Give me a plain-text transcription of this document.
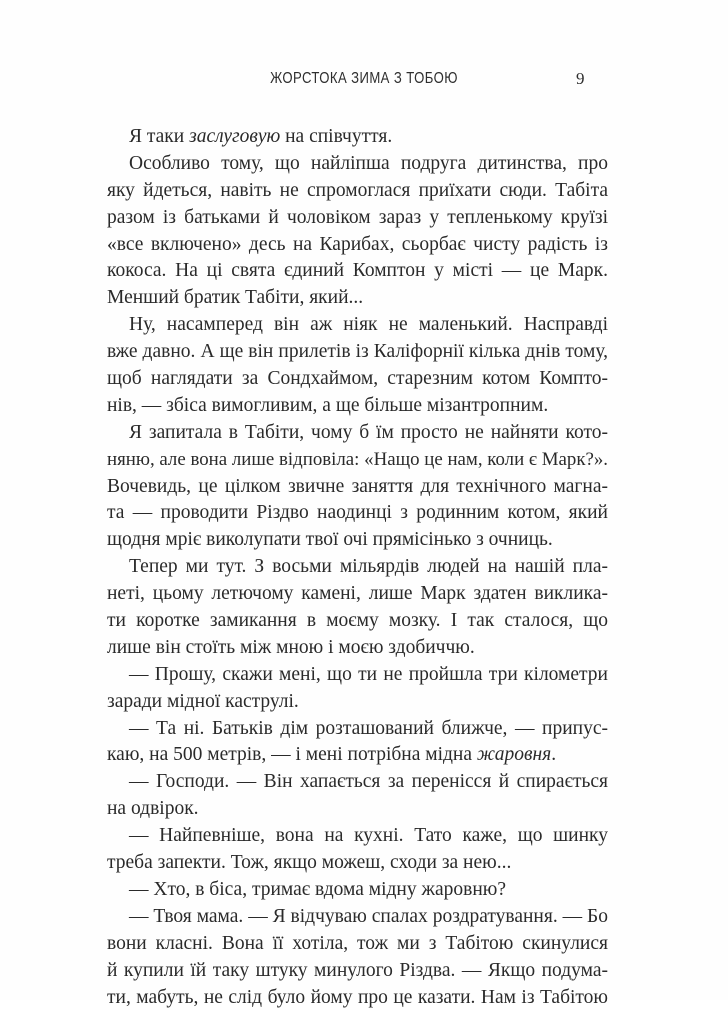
ЖОРСТОКА ЗИМА З ТОБОЮ	9
Я таки заслуговую на співчуття.
Особливо тому, що найліпша подруга дитинства, про
яку йдеться, навіть не спромоглася приїхати сюди. Табіта
разом із батьками й чоловіком зараз у тепленькому круїзі
«все включено» десь на Карибах, сьорбає чисту радість із
кокоса. На ці свята єдиний Комптон у місті — це Марк.
Менший братик Табіти, який...
Ну, насамперед він аж ніяк не маленький. Насправді
вже давно. А ще він прилетів із Каліфорнії кілька днів тому,
щоб наглядати за Сондхаймом, старезним котом Компто-
нів, — збіса вимогливим, а ще більше мізантропним.
Я запитала в Табіти, чому б їм просто не найняти кото-
няню, але вона лише відповіла: «Нащо це нам, коли є Марк?».
Вочевидь, це цілком звичне заняття для технічного магна-
та — проводити Різдво наодинці з родинним котом, який
щодня мріє виколупати твої очі прямісінько з очниць.
Тепер ми тут. З восьми мільярдів людей на нашій пла-
неті, цьому летючому камені, лише Марк здатен виклика-
ти коротке замикання в моєму мозку. І так сталося, що
лише він стоїть між мною і моєю здобиччю.
— Прошу, скажи мені, що ти не пройшла три кілометри
заради мідної каструлі.
— Та ні. Батьків дім розташований ближче, — припус-
каю, на 500 метрів, — і мені потрібна мідна жаровня.
— Господи. — Він хапається за перенісся й спирається
на одвірок.
— Найпевніше, вона на кухні. Тато каже, що шинку
треба запекти. Тож, якщо можеш, сходи за нею...
— Хто, в біса, тримає вдома мідну жаровню?
— Твоя мама. — Я відчуваю спалах роздратування. — Бо
вони класні. Вона її хотіла, тож ми з Табітою скинулися
й купили їй таку штуку минулого Різдва. — Якщо подума-
ти, мабуть, не слід було йому про це казати. Нам із Табітою
